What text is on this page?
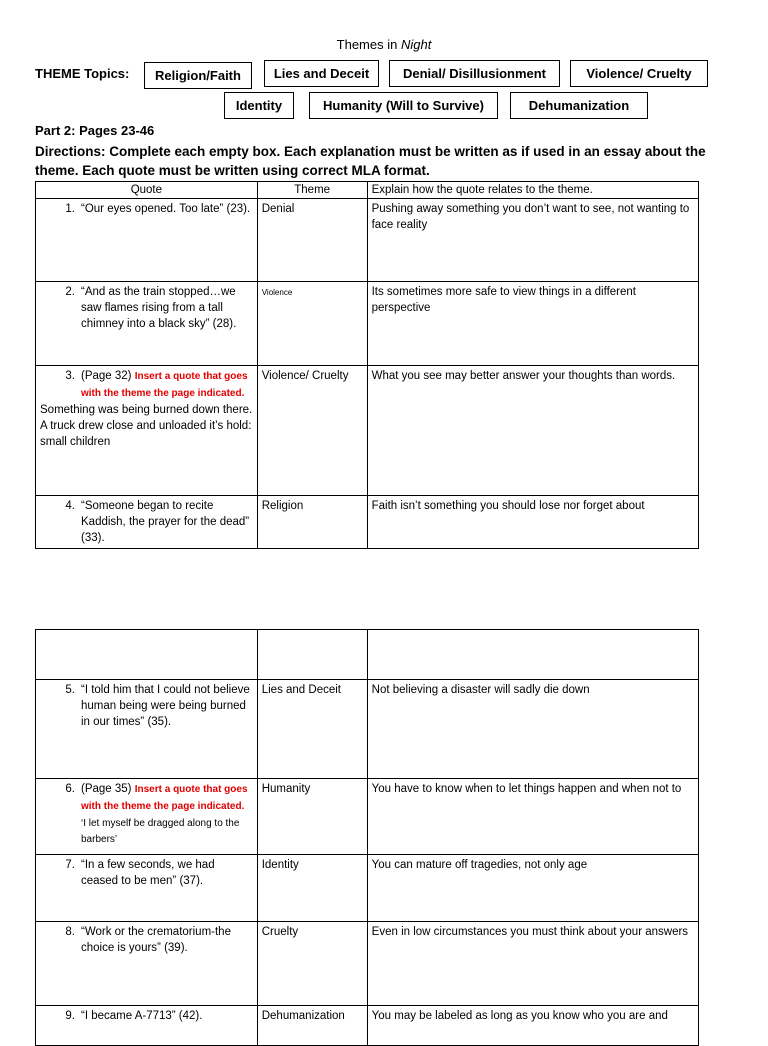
Themes in Night
THEME Topics:	Religion/Faith	Lies and Deceit	Denial/ Disillusionment	Violence/ Cruelty
Identity	Humanity (Will to Survive)	Dehumanization
Part 2: Pages 23-46
Directions: Complete each empty box. Each explanation must be written as if used in an essay about the theme. Each quote must be written using correct MLA format.
Quote	Theme	Explain how the quote relates to the theme.

1. “Our eyes opened. Too late” (23).	Denial	Pushing away something you don’t want to see, not wanting to face reality

2. “And as the train stopped…we saw flames rising from a tall chimney into a black sky” (28).	Violence	Its sometimes more safe to view things in a different perspective

3. (Page 32) Insert a quote that goes with the theme the page indicated.
Something was being burned down there. A truck drew close and unloaded it’s hold: small children	Violence/ Cruelty	What you see may better answer your thoughts than words.

4. “Someone began to recite Kaddish, the prayer for the dead” (33).	Religion	Faith isn’t something you should lose nor forget about

5. “I told him that I could not believe human being were being burned in our times” (35).	Lies and Deceit	Not believing a disaster will sadly die down

6. (Page 35) Insert a quote that goes with the theme the page indicated.
‘I let myself be dragged along to the barbers’	Humanity	You have to know when to let things happen and when not to

7. “In a few seconds, we had ceased to be men” (37).	Identity	You can mature off tragedies, not only age

8. “Work or the crematorium-the choice is yours” (39).	Cruelty	Even in low circumstances you must think about your answers

9. “I became A-7713” (42).	Dehumanization	You may be labeled as long as you know who you are and
